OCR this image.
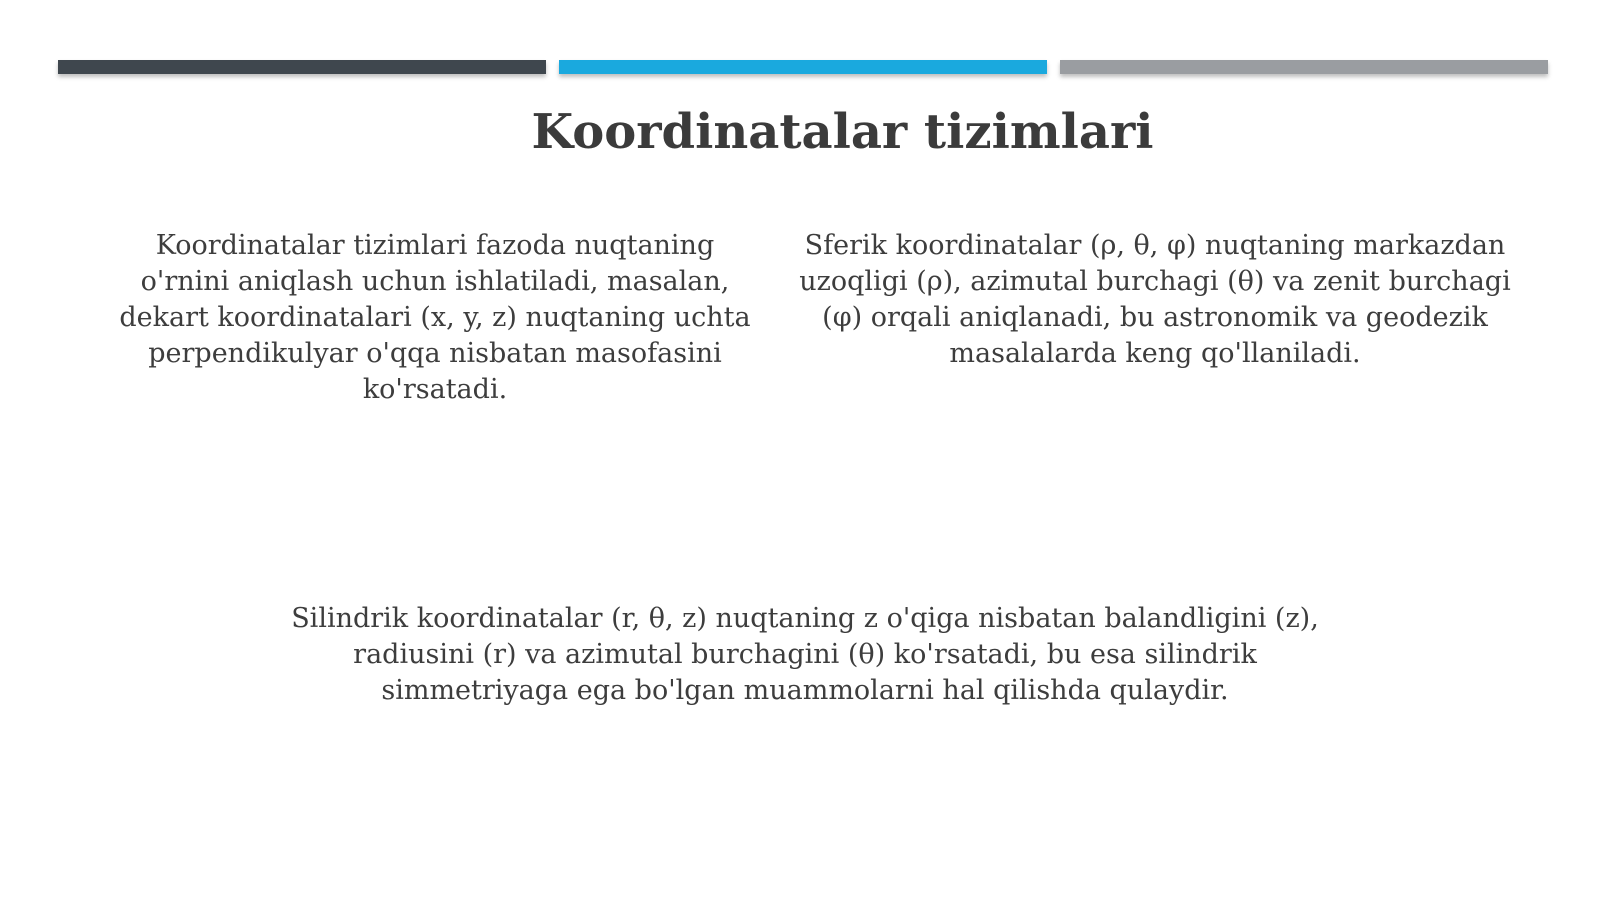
Koordinatalar tizimlari

Koordinatalar tizimlari fazoda nuqtaning o'rnini aniqlash uchun ishlatiladi, masalan, dekart koordinatalari (x, y, z) nuqtaning uchta perpendikulyar o'qqa nisbatan masofasini ko'rsatadi.

Sferik koordinatalar (ρ, θ, φ) nuqtaning markazdan uzoqligi (ρ), azimutal burchagi (θ) va zenit burchagi (φ) orqali aniqlanadi, bu astronomik va geodezik masalalarda keng qo'llaniladi.

Silindrik koordinatalar (r, θ, z) nuqtaning z o'qiga nisbatan balandligini (z), radiusini (r) va azimutal burchagini (θ) ko'rsatadi, bu esa silindrik simmetriyaga ega bo'lgan muammolarni hal qilishda qulaydir.
